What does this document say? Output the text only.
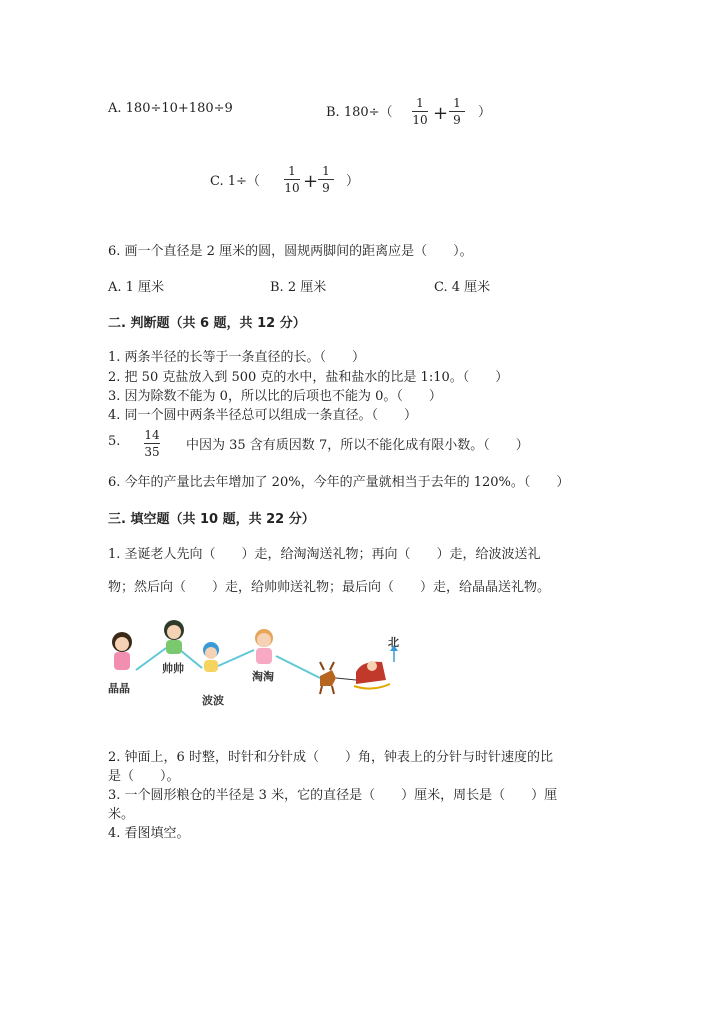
A. 180÷10+180÷9	B. 180÷（
1
10 + 1
9 ）
C. 1÷（
1
10 + 1
9 ）
6. 画一个直径是 2 厘米的圆，圆规两脚间的距离应是（　　）。
A. 1 厘米	B. 2 厘米	C. 4 厘米
二. 判断题（共 6 题，共 12 分）
1. 两条半径的长等于一条直径的长。（　　）
2. 把 50 克盐放入到 500 克的水中，盐和盐水的比是 1:10。（　　）
3. 因为除数不能为 0，所以比的后项也不能为 0。（　　）
4. 同一个圆中两条半径总可以组成一条直径。（　　）
5. 14
35 中因为 35 含有质因数 7，所以不能化成有限小数。（　　）
6. 今年的产量比去年增加了 20%，今年的产量就相当于去年的 120%。（　　）
三. 填空题（共 10 题，共 22 分）
1. 圣诞老人先向（　　）走，给淘淘送礼物；再向（　　）走，给波波送礼
物；然后向（　　）走，给帅帅送礼物；最后向（　　）走，给晶晶送礼物。
晶晶
帅帅
波波
淘淘
北
2. 钟面上，6 时整，时针和分针成（　　）角，钟表上的分针与时针速度的比
是（　　）。
3. 一个圆形粮仓的半径是 3 米，它的直径是（　　）厘米，周长是（　　）厘
米。
4. 看图填空。
